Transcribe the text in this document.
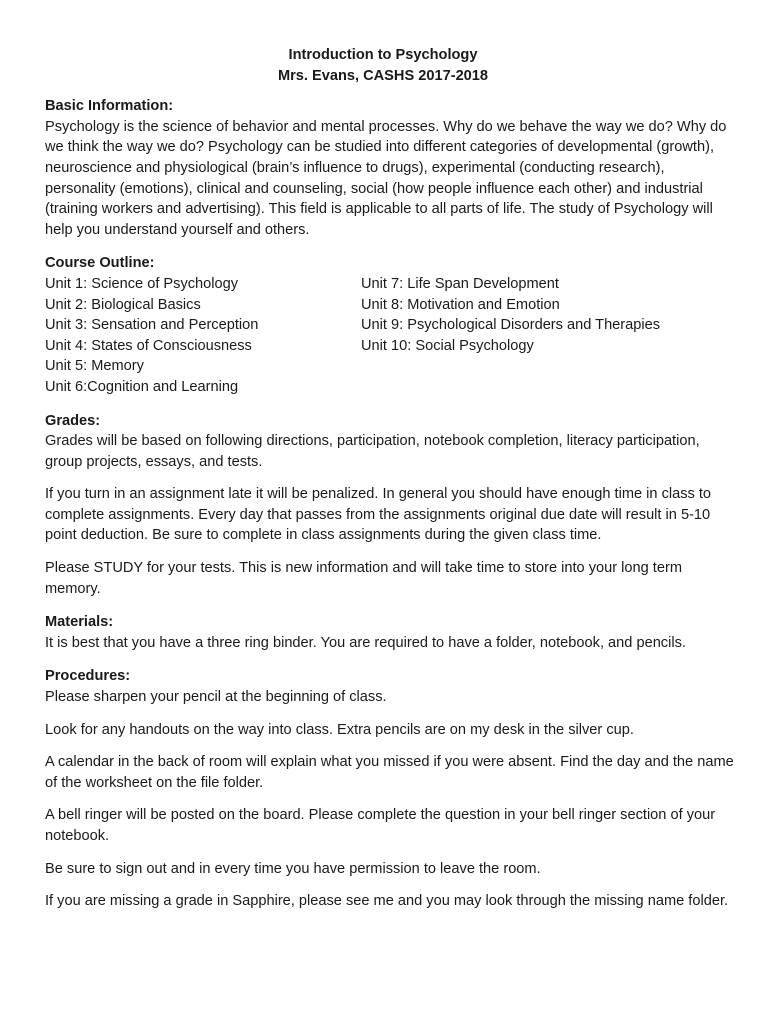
Introduction to Psychology
Mrs. Evans, CASHS 2017-2018

Basic Information:

Psychology is the science of behavior and mental processes. Why do we behave the way we do? Why do we think the way we do? Psychology can be studied into different categories of developmental (growth), neuroscience and physiological (brain’s influence to drugs), experimental (conducting research), personality (emotions), clinical and counseling, social (how people influence each other) and industrial (training workers and advertising). This field is applicable to all parts of life. The study of Psychology will help you understand yourself and others.

Course Outline:

Unit 1: Science of Psychology
Unit 2: Biological Basics
Unit 3: Sensation and Perception
Unit 4: States of Consciousness
Unit 5: Memory
Unit 6:Cognition and Learning
Unit 7: Life Span Development
Unit 8: Motivation and Emotion
Unit 9: Psychological Disorders and Therapies
Unit 10: Social Psychology

Grades:

Grades will be based on following directions, participation, notebook completion, literacy participation, group projects, essays, and tests.

If you turn in an assignment late it will be penalized. In general you should have enough time in class to complete assignments. Every day that passes from the assignments original due date will result in 5-10 point deduction. Be sure to complete in class assignments during the given class time.

Please STUDY for your tests. This is new information and will take time to store into your long term memory.

Materials:

It is best that you have a three ring binder. You are required to have a folder, notebook, and pencils.

Procedures:

Please sharpen your pencil at the beginning of class.

Look for any handouts on the way into class. Extra pencils are on my desk in the silver cup.

A calendar in the back of room will explain what you missed if you were absent. Find the day and the name of the worksheet on the file folder.

A bell ringer will be posted on the board. Please complete the question in your bell ringer section of your notebook.

Be sure to sign out and in every time you have permission to leave the room.

If you are missing a grade in Sapphire, please see me and you may look through the missing name folder.
